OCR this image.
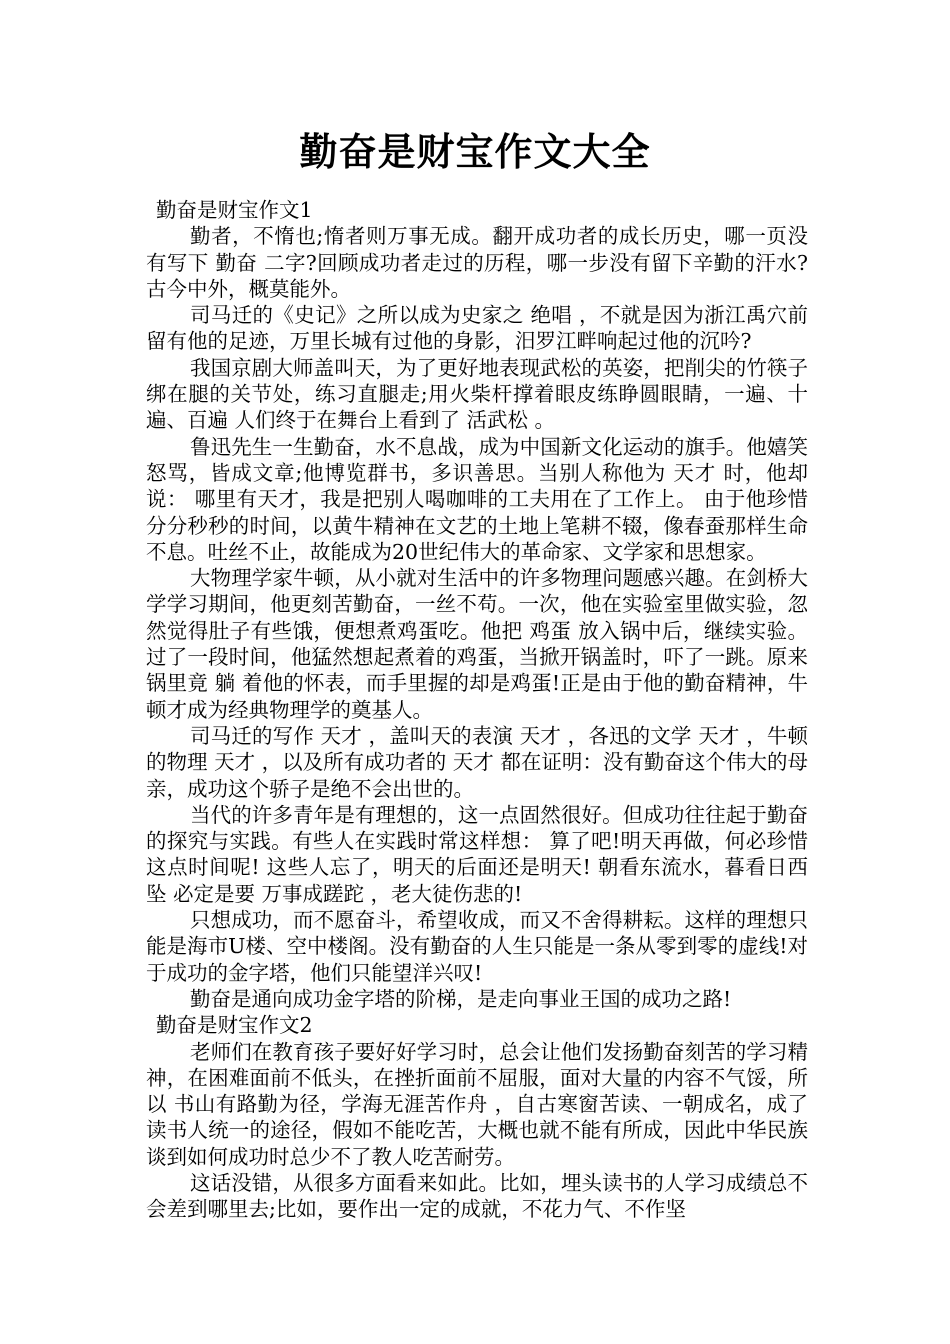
勤奋是财宝作文大全

勤奋是财宝作文1

勤者，不惰也;惰者则万事无成。翻开成功者的成长历史，哪一页没有写下 勤奋 二字?回顾成功者走过的历程，哪一步没有留下辛勤的汗水?古今中外，概莫能外。

司马迁的《史记》之所以成为史家之 绝唱 ，不就是因为浙江禹穴前留有他的足迹，万里长城有过他的身影，汨罗江畔响起过他的沉吟?

我国京剧大师盖叫天，为了更好地表现武松的英姿，把削尖的竹筷子绑在腿的关节处，练习直腿走;用火柴杆撑着眼皮练睁圆眼睛，一遍、十遍、百遍 人们终于在舞台上看到了 活武松 。

鲁迅先生一生勤奋，水不息战，成为中国新文化运动的旗手。他嬉笑怒骂，皆成文章;他博览群书，多识善思。当别人称他为 天才 时，他却说： 哪里有天才，我是把别人喝咖啡的工夫用在了工作上。 由于他珍惜分分秒秒的时间，以黄牛精神在文艺的土地上笔耕不辍，像春蚕那样生命不息。吐丝不止，故能成为20世纪伟大的革命家、文学家和思想家。

大物理学家牛顿，从小就对生活中的许多物理问题感兴趣。在剑桥大学学习期间，他更刻苦勤奋，一丝不苟。一次，他在实验室里做实验，忽然觉得肚子有些饿，便想煮鸡蛋吃。他把 鸡蛋 放入锅中后，继续实验。过了一段时间，他猛然想起煮着的鸡蛋，当掀开锅盖时，吓了一跳。原来锅里竟 躺 着他的怀表，而手里握的却是鸡蛋!正是由于他的勤奋精神，牛顿才成为经典物理学的奠基人。

司马迁的写作 天才 ，盖叫天的表演 天才 ，各迅的文学 天才 ，牛顿的物理 天才 ，以及所有成功者的 天才 都在证明：没有勤奋这个伟大的母亲，成功这个骄子是绝不会出世的。

当代的许多青年是有理想的，这一点固然很好。但成功往往起于勤奋的探究与实践。有些人在实践时常这样想： 算了吧!明天再做，何必珍惜这点时间呢! 这些人忘了，明天的后面还是明天! 朝看东流水，暮看日西坠 必定是要 万事成蹉跎 ，老大徒伤悲的!

只想成功，而不愿奋斗，希望收成，而又不舍得耕耘。这样的理想只能是海市U楼、空中楼阁。没有勤奋的人生只能是一条从零到零的虚线!对于成功的金字塔，他们只能望洋兴叹!

勤奋是通向成功金字塔的阶梯，是走向事业王国的成功之路!

勤奋是财宝作文2

老师们在教育孩子要好好学习时，总会让他们发扬勤奋刻苦的学习精神，在困难面前不低头，在挫折面前不屈服，面对大量的内容不气馁，所以 书山有路勤为径，学海无涯苦作舟 ，自古寒窗苦读、一朝成名，成了读书人统一的途径，假如不能吃苦，大概也就不能有所成，因此中华民族谈到如何成功时总少不了教人吃苦耐劳。

这话没错，从很多方面看来如此。比如，埋头读书的人学习成绩总不会差到哪里去;比如，要作出一定的成就，不花力气、不作坚
